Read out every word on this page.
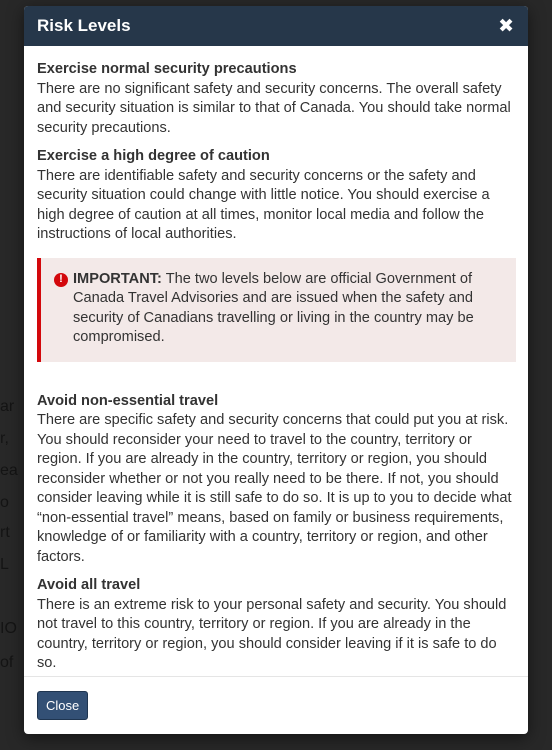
Risk Levels	✖
Exercise normal security precautions
There are no significant safety and security concerns. The overall safety and security situation is similar to that of Canada. You should take normal security precautions.
Exercise a high degree of caution
There are identifiable safety and security concerns or the safety and security situation could change with little notice. You should exercise a high degree of caution at all times, monitor local media and follow the instructions of local authorities.
! IMPORTANT: The two levels below are official Government of Canada Travel Advisories and are issued when the safety and security of Canadians travelling or living in the country may be compromised.
Avoid non-essential travel
There are specific safety and security concerns that could put you at risk. You should reconsider your need to travel to the country, territory or region. If you are already in the country, territory or region, you should reconsider whether or not you really need to be there. If not, you should consider leaving while it is still safe to do so. It is up to you to decide what “non-essential travel” means, based on family or business requirements, knowledge of or familiarity with a country, territory or region, and other factors.
Avoid all travel
There is an extreme risk to your personal safety and security. You should not travel to this country, territory or region. If you are already in the country, territory or region, you should consider leaving if it is safe to do so.
Close
